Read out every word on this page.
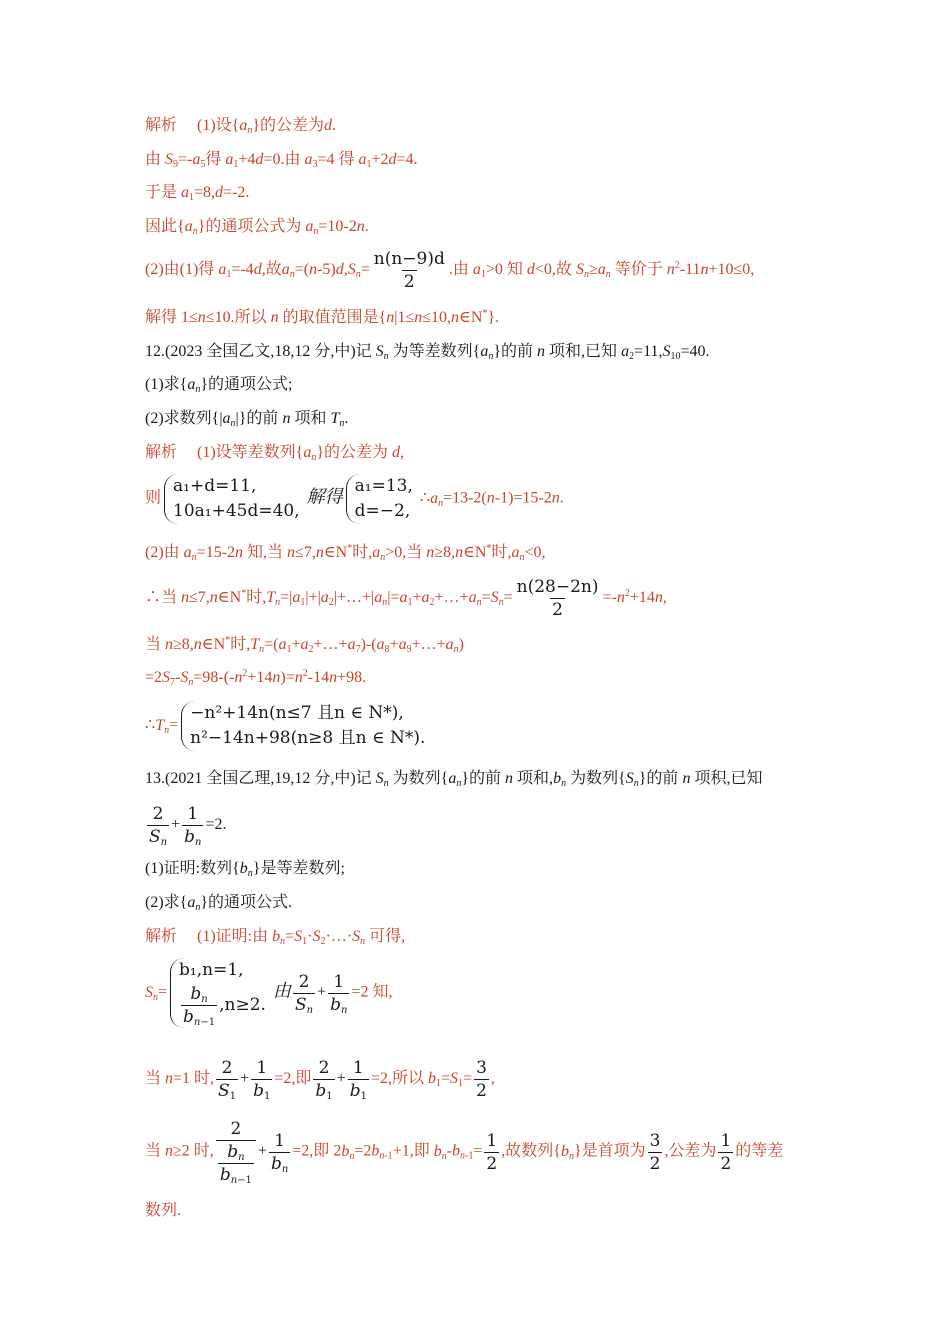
解析 (1)设$\{a_n\}$的公差为d.
由 $S_9=-a_5$得 $a_1+4d=0$.由 $a_3=4$ 得 $a_1+2d=4$.
于是 $a_1=8,d=-2$.
因此$\{a_n\}$的通项公式为 $a_n=10-2n$.
(2)由(1)得 $a_1=-4d$,故$a_n=(n-5)d,S_n= \frac{n(n-9)d}{2}$ .由 $a_1>0$ 知 d<0,故 $S_n\ge a_n$ 等价于 $n^2-11n+10\le 0$,
解得 1≤n≤10.所以 n 的取值范围是{n|1≤n≤10,n∈N*}.
12.(2023 全国乙文,18,12 分,中)记 $S_n$ 为等差数列$\{a_n\}$的前 n 项和,已知 $a_2=11,S_{10}=40$.
(1)求$\{a_n\}$的通项公式;
(2)求数列$\{|a_n|\}$的前 n 项和 $T_n$.
解析 (1)设等差数列$\{a_n\}$的公差为 d,
则
a₁+d=11,
10a₁+45d=40,
解得
a₁=13,
d=−2,
$\therefore a_n=13-2(n-1)=15-2n$.
(2)由 $a_n=15-2n$ 知,当 n≤7,n∈N*时$,a_n>0$,当 n≥8,n∈N*时$,a_n<0$,
∴当 n≤7,n∈N*时$,T_n=|a_1|+|a_2|+\dots+|a_n|=a_1+a_2+\dots+a_n=S_n= \frac{n(28-2n)}{2} =-n^2+14n$,
当 n≥8,n∈N*时$,T_n=(a_1+a_2+\dots+a_7)-(a_8+a_9+\dots+a_n)$
$=2S_7-S_n=98-(-n^2+14n)=n^2-14n+98$.
$\therefore T_n=$
−n²+14n(n≤7 且n ∈ N*),
n²−14n+98(n≥8 且n ∈ N*).
13.(2021 全国乙理,19,12 分,中)记 $S_n$ 为数列$\{a_n\}$的前 n 项和$,b_n$ 为数列$\{S_n\}$的前 n 项积,已知
$\frac{2}{S_n} + \frac{1}{b_n} =2$.
(1)证明:数列$\{b_n\}$是等差数列;
(2)求$\{a_n\}$的通项公式.
解析 (1)证明:由 $b_n=S_1\cdot S_2\cdot\dots\cdot S_n$ 可得,
$S_n=$
b₁,n=1,
$\frac{b_n}{b_{n-1}} ,n\ge 2$.
由 $\frac{2}{S_n} + \frac{1}{b_n} =2$ 知,
当 n=1 时, $\frac{2}{S_1} + \frac{1}{b_1} =2$,即 $\frac{2}{b_1} + \frac{1}{b_1} =2$,所以 $b_1=S_1= \frac{3}{2}$ ,
当 n≥2 时, $\frac{2}{\frac{b_n}{b_{n-1}}} + \frac{1}{b_n} =2$,即 $2b_n=2b_{n-1}+1$,即 $b_n-b_{n-1}= \frac{1}{2}$ ,故数列$\{b_n\}$是首项为 $\frac{3}{2}$ ,公差为 $\frac{1}{2}$ 的等差
数列.
